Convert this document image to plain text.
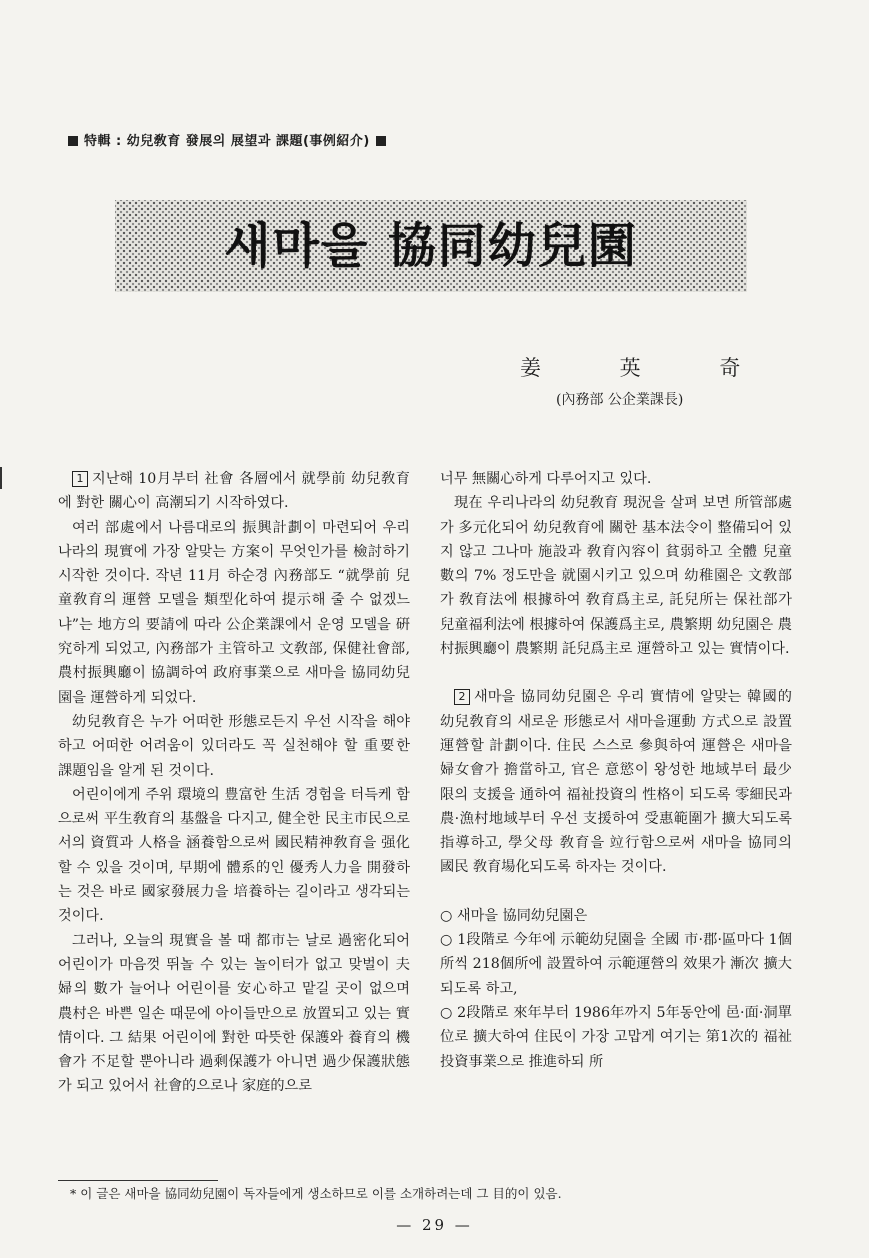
特輯 : 幼兒敎育 發展의 展望과 課題(事例紹介)
새마을 協同幼兒園
姜 英 奇
(內務部 公企業課長)

1 지난해 10月부터 社會 各層에서 就學前 幼兒敎育에 對한 關心이 高潮되기 시작하였다.

여러 部處에서 나름대로의 振興計劃이 마련되어 우리나라의 現實에 가장 알맞는 方案이 무엇인가를 檢討하기 시작한 것이다. 작년 11月 하순경 內務部도 “就學前 兒童敎育의 運營 모델을 類型化하여 提示해 줄 수 없겠느냐”는 地方의 要請에 따라 公企業課에서 운영 모델을 硏究하게 되었고, 內務部가 主管하고 文敎部, 保健社會部, 農村振興廳이 協調하여 政府事業으로 새마을 協同幼兒園을 運營하게 되었다.

幼兒敎育은 누가 어떠한 形態로든지 우선 시작을 해야하고 어떠한 어려움이 있더라도 꼭 실천해야 할 重要한 課題임을 알게 된 것이다.

어린이에게 주위 環境의 豊富한 生活 경험을 터득케 함으로써 平生敎育의 基盤을 다지고, 健全한 民主市民으로서의 資質과 人格을 涵養함으로써 國民精神敎育을 强化할 수 있을 것이며, 早期에 體系的인 優秀人力을 開發하는 것은 바로 國家發展力을 培養하는 길이라고 생각되는 것이다.

그러나, 오늘의 現實을 볼 때 都市는 날로 過密化되어 어린이가 마음껏 뛰놀 수 있는 놀이터가 없고 맞벌이 夫婦의 數가 늘어나 어린이를 安心하고 맡길 곳이 없으며 農村은 바쁜 일손 때문에 아이들만으로 放置되고 있는 實情이다. 그 結果 어린이에 對한 따뜻한 保護와 養育의 機會가 不足할 뿐아니라 過剩保護가 아니면 過少保護狀態가 되고 있어서 社會的으로나 家庭的으로

너무 無關心하게 다루어지고 있다.

現在 우리나라의 幼兒敎育 現況을 살펴 보면 所管部處가 多元化되어 幼兒敎育에 關한 基本法令이 整備되어 있지 않고 그나마 施設과 敎育內容이 貧弱하고 全體 兒童數의 7% 정도만을 就園시키고 있으며 幼稚園은 文敎部가 敎育法에 根據하여 敎育爲主로, 託兒所는 保社部가 兒童福利法에 根據하여 保護爲主로, 農繁期 幼兒園은 農村振興廳이 農繁期 託兒爲主로 運營하고 있는 實情이다.

2 새마을 協同幼兒園은 우리 實情에 알맞는 韓國的 幼兒敎育의 새로운 形態로서 새마을運動 方式으로 設置運營할 計劃이다. 住民 스스로 參與하여 運營은 새마을 婦女會가 擔當하고, 官은 意慾이 왕성한 地域부터 最少限의 支援을 通하여 福祉投資의 性格이 되도록 零細民과 農·漁村地域부터 우선 支援하여 受惠範圍가 擴大되도록 指導하고, 學父母 敎育을 竝行함으로써 새마을 協同의 國民 敎育場化되도록 하자는 것이다.

○ 새마을 協同幼兒園은

○ 1段階로 今年에 示範幼兒園을 全國 市·郡·區마다 1個所씩 218個所에 設置하여 示範運營의 效果가 漸次 擴大되도록 하고,

○ 2段階로 來年부터 1986年까지 5年동안에 邑·面·洞單位로 擴大하여 住民이 가장 고맙게 여기는 第1次的 福祉投資事業으로 推進하되 所

* 이 글은 새마을 協同幼兒園이 독자들에게 생소하므로 이를 소개하려는데 그 目的이 있음.
— 29 —
